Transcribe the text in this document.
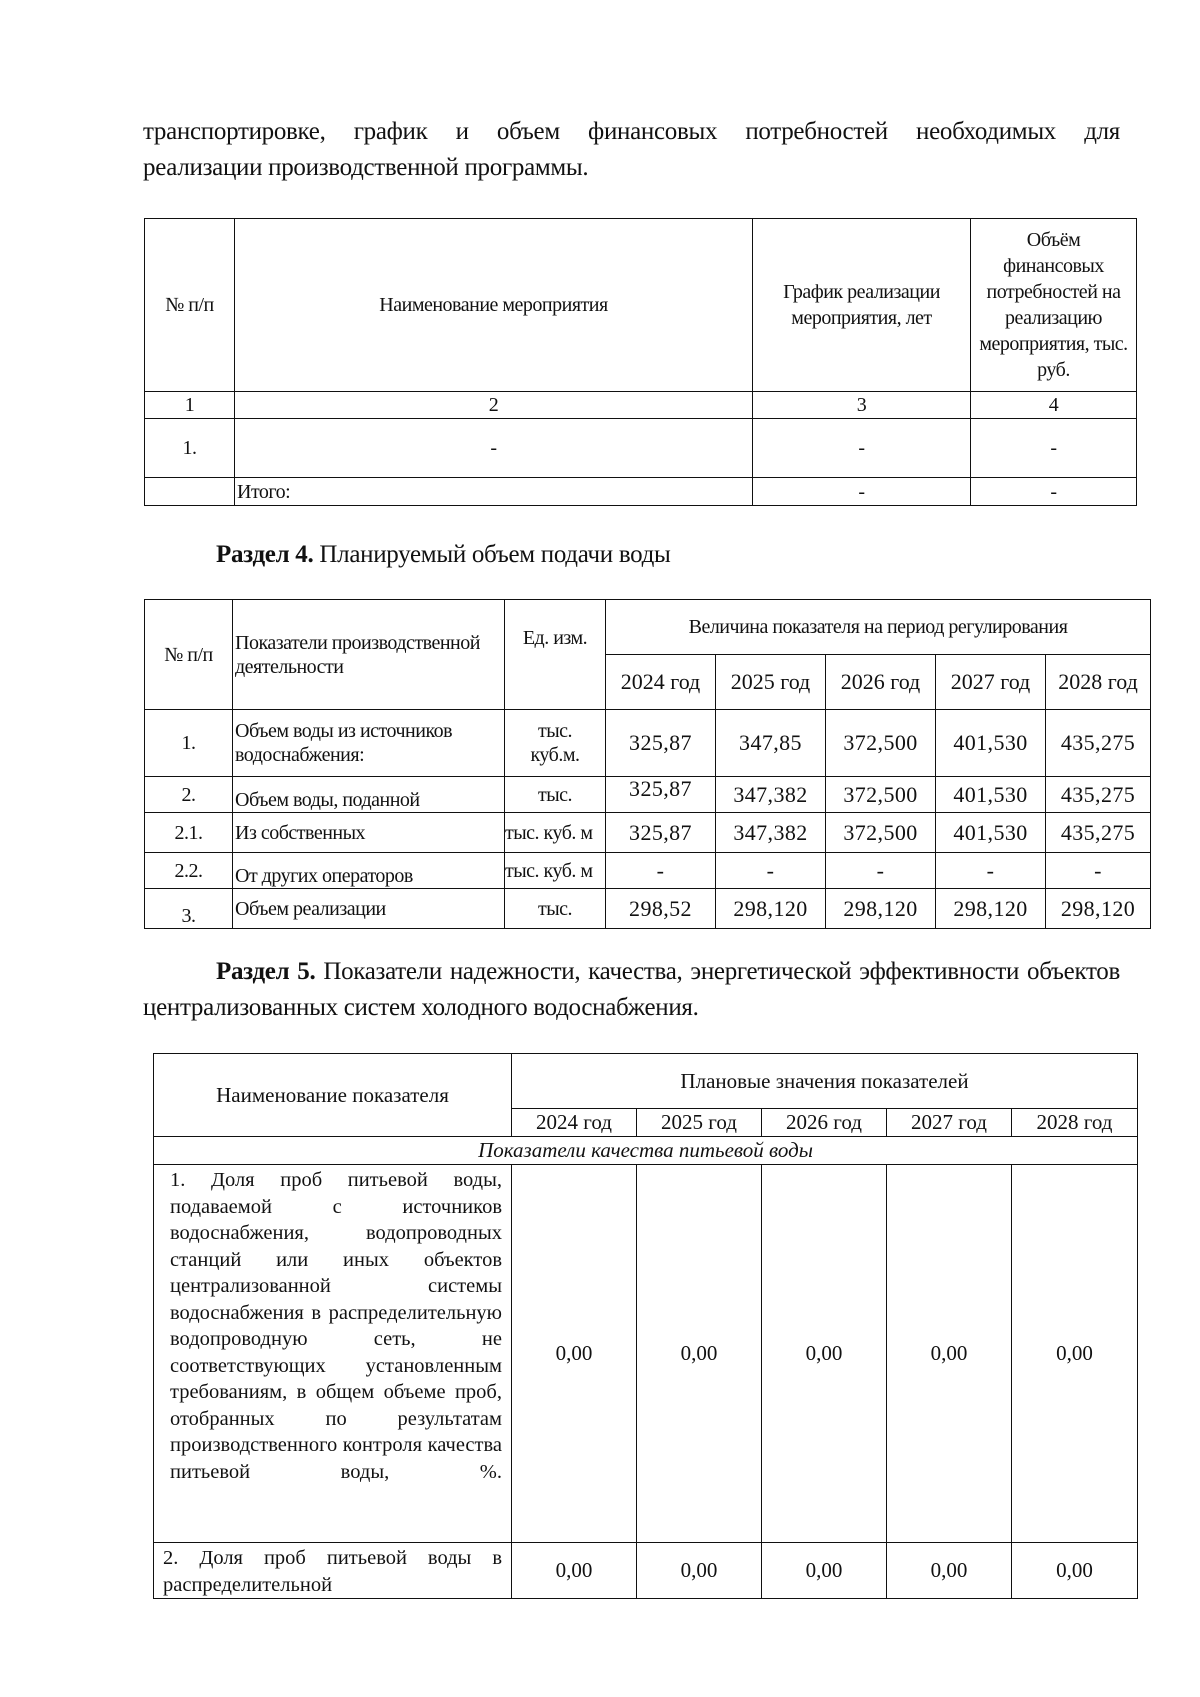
транспортировке, график и объем финансовых потребностей необходимых для
реализации производственной программы.
№ п/п	Наименование мероприятия	График реализации мероприятия, лет	Объём финансовых потребностей на реализацию мероприятия, тыс. руб.
1	2	3	4
1.	-	-	-
	Итого:	-	-
Раздел 4. Планируемый объем подачи воды
№ п/п	Показатели производственной деятельности	Ед. изм.	Величина показателя на период регулирования				
			2024 год	2025 год	2026 год	2027 год	2028 год
1.	Объем воды из источников водоснабжения:	тыс. куб.м.	325,87	347,85	372,500	401,530	435,275
2.	Объем воды, поданной	тыс.	325,87	347,382	372,500	401,530	435,275
2.1.	Из собственных	тыс. куб. м	325,87	347,382	372,500	401,530	435,275
2.2.	От других операторов	тыс. куб. м	-	-	-	-	-
3.	Объем реализации	тыс.	298,52	298,120	298,120	298,120	298,120
Раздел 5. Показатели надежности, качества, энергетической эффективности объектов централизованных систем холодного водоснабжения.
Наименование показателя	Плановые значения показателей				
	2024 год	2025 год	2026 год	2027 год	2028 год
Показатели качества питьевой воды					
1. Доля проб питьевой воды, подаваемой с источников водоснабжения, водопроводных станций или иных объектов централизованной системы водоснабжения в распределительную водопроводную сеть, не соответствующих установленным требованиям, в общем объеме проб, отобранных по результатам производственного контроля качества питьевой воды, %.	0,00	0,00	0,00	0,00	0,00
2. Доля проб питьевой воды в распределительной	0,00	0,00	0,00	0,00	0,00
